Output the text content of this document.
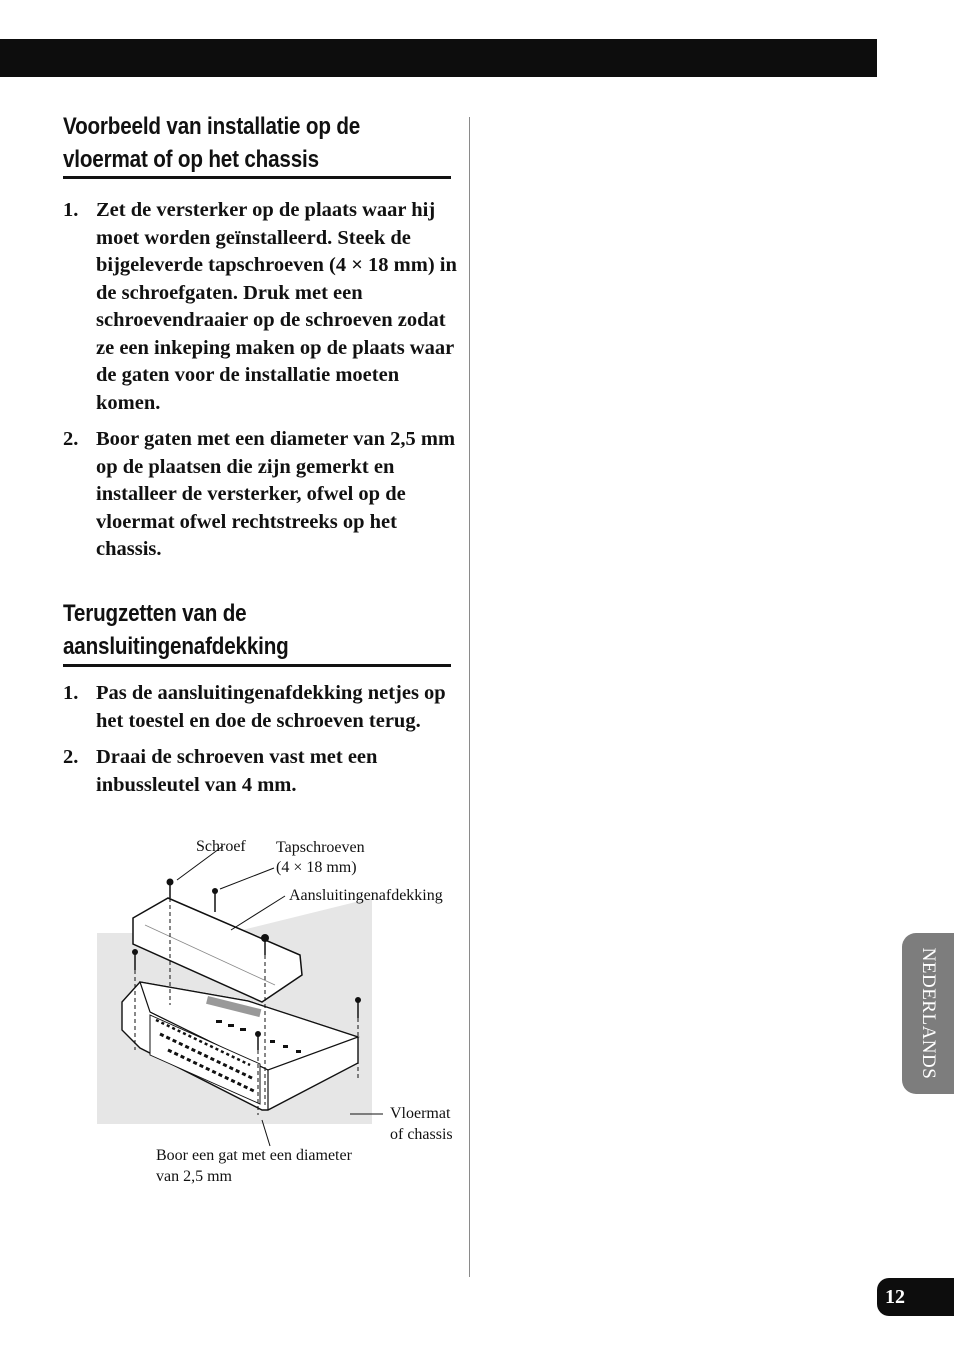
Voorbeeld van installatie op de
vloermat of op het chassis
1. Zet de versterker op de plaats waar hij moet worden geïnstalleerd. Steek de bijgeleverde tapschroeven (4 × 18 mm) in de schroefgaten. Druk met een schroevendraaier op de schroeven zodat ze een inkeping maken op de plaats waar de gaten voor de installatie moeten komen.
2. Boor gaten met een diameter van 2,5 mm op de plaatsen die zijn gemerkt en installeer de versterker, ofwel op de vloermat ofwel rechtstreeks op het chassis.
Terugzetten van de
aansluitingenafdekking
1. Pas de aansluitingenafdekking netjes op het toestel en doe de schroeven terug.
2. Draai de schroeven vast met een inbussleutel van 4 mm.
Schroef Tapschroeven
(4 × 18 mm)
Aansluitingenafdekking
Vloermat
of chassis
Boor een gat met een diameter
van 2,5 mm
NEDERLANDS
12
